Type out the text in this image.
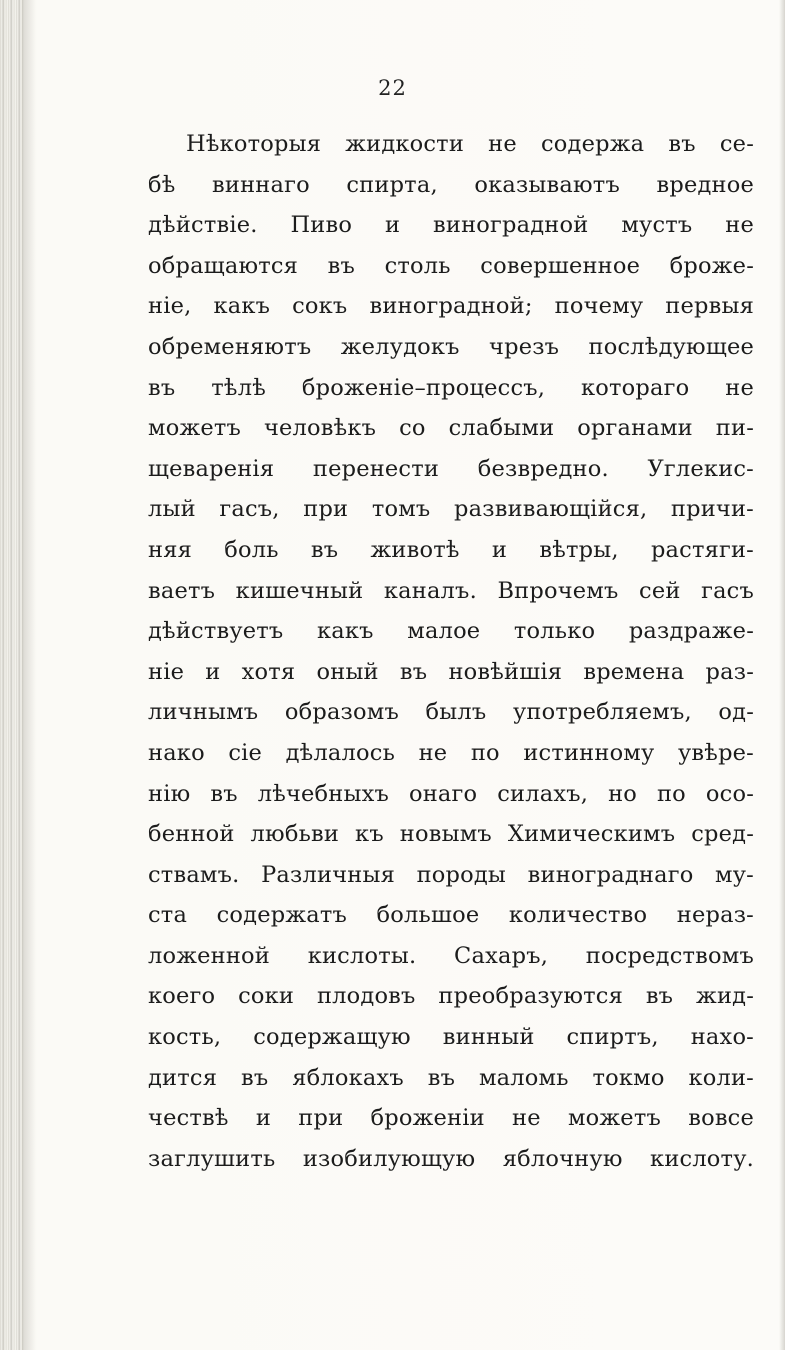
22
Нѣкоторыя жидкости не содержа въ се-
бѣ виннаго спирта, оказываютъ вредное
дѣйствіе. Пиво и виноградной мустъ не
обращаются въ столь совершенное броже-
ніе, какъ сокъ виноградной; почему первыя
обременяютъ желудокъ чрезъ послѣдующее
въ тѣлѣ броженіе–процессъ, котораго не
можетъ человѣкъ со слабыми органами пи-
щеваренія перенести безвредно. Углекис-
лый гасъ, при томъ развивающійся, причи-
няя боль въ животѣ и вѣтры, растяги-
ваетъ кишечный каналъ. Впрочемъ сей гасъ
дѣйствуетъ какъ малое только раздраже-
ніе и хотя оный въ новѣйшія времена раз-
личнымъ образомъ былъ употребляемъ, од-
нако сіе дѣлалось не по истинному увѣре-
нію въ лѣчебныхъ онаго силахъ, но по осо-
бенной любьви къ новымъ Химическимъ сред-
ствамъ. Различныя породы винограднаго му-
ста содержатъ большое количество нераз-
ложенной кислоты. Сахаръ, посредствомъ
коего соки плодовъ преобразуются въ жид-
кость, содержащую винный спиртъ, нахо-
дится въ яблокахъ въ маломь токмо коли-
чествѣ и при броженіи не можетъ вовсе
заглушить изобилующую яблочную кислоту.
